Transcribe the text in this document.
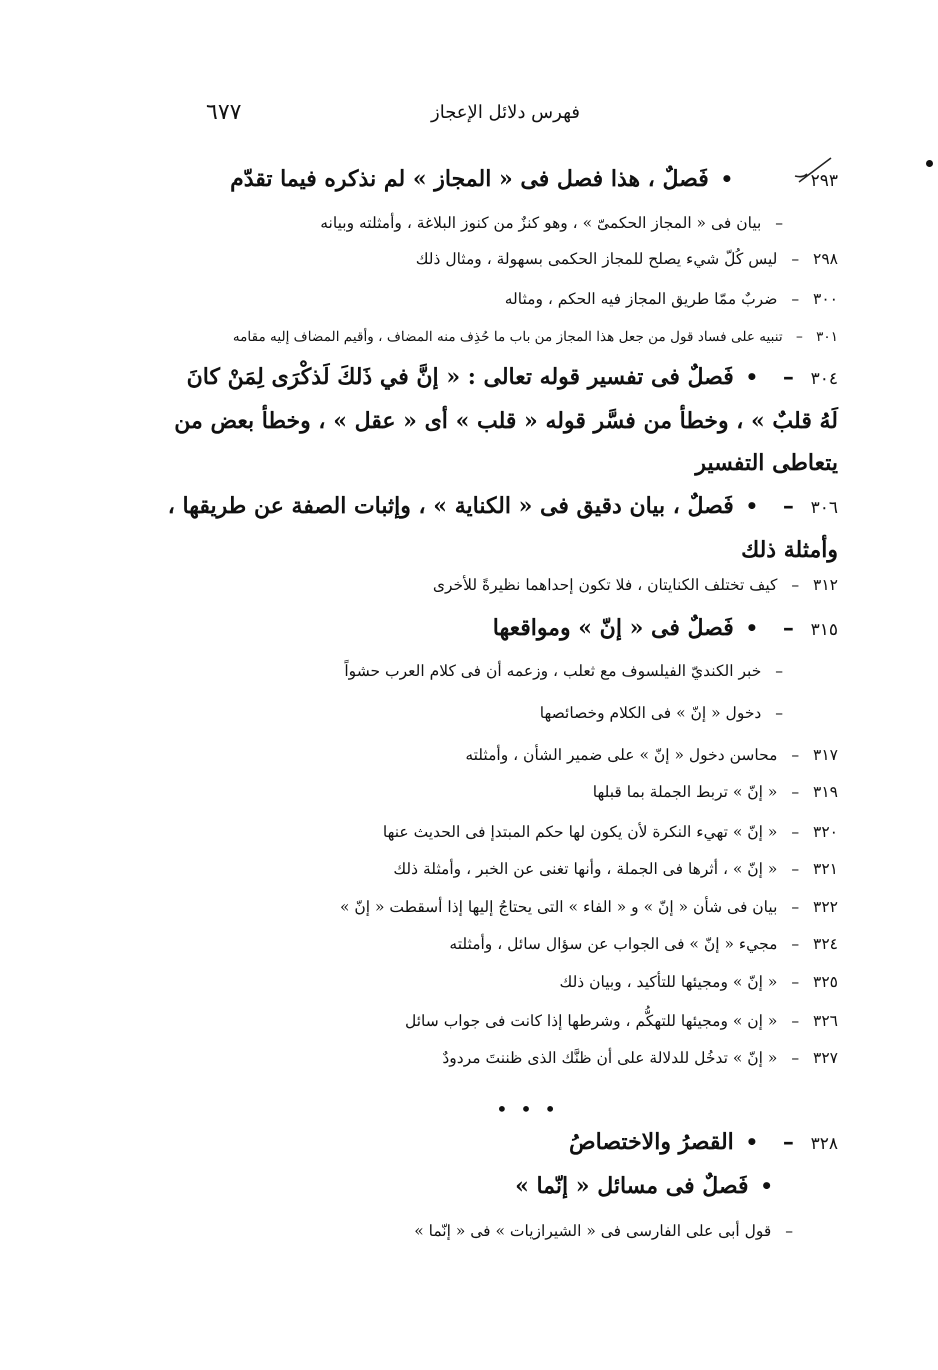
فهرس دلائل الإعجاز
٦٧٧
٢٩٣  • فَصلٌ ، هذا فصل فى « المجاز » لم نذكره فيما تقدّم
– بيان فى « المجاز الحكمىّ » ، وهو كنزٌ من كنوز البلاغة ، وأمثلته وبيانه
٢٩٨ – ليس كُلّ شيء يصلح للمجاز الحكمى بسهولة ، ومثال ذلك
٣٠٠ – ضربٌ ممّا طريق المجاز فيه الحكم ، ومثاله
٣٠١ – تنبيه على فساد قول من جعل هذا المجاز من باب ما حُذِف منه المضاف ، وأقيم المضاف إليه مقامه
٣٠٤ – • فَصلٌ فى تفسير قوله تعالى : « إنَّ في ذَلكَ لَذكْرَى لِمَنْ كانَ لَهُ قلبٌ » ، وخطأ من فسَّر قوله « قلب » أى « عقل » ، وخطأ بعض من يتعاطى التفسير
٣٠٦ – • فَصلٌ ، بيان دقيق فى « الكناية » ، وإثبات الصفة عن طريقها ، وأمثلة ذلك
٣١٢ – كيف تختلف الكنايتان ، فلا تكون إحداهما نظيرةً للأخرى
٣١٥ – • فَصلٌ فى « إنّ » ومواقعها
– خبر الكنديّ الفيلسوف مع ثعلب ، وزعمه أن فى كلام العرب حشواً
– دخول « إنّ » فى الكلام وخصائصها
٣١٧ – محاسن دخول « إنّ » على ضمير الشأن ، وأمثلته
٣١٩ – « إنّ » تربط الجملة بما قبلها
٣٢٠ – « إنّ » تهيء النكرة لأن يكون لها حكم المبتدإ فى الحديث عنها
٣٢١ – « إنّ » ، أثرها فى الجملة ، وأنها تغنى عن الخبر ، وأمثلة ذلك
٣٢٢ – بيان فى شأن « إنّ » و « الفاء » التى يحتاجُ إليها إذا أسقطت « إنّ »
٣٢٤ – مجيء « إنّ » فى الجواب عن سؤال سائل ، وأمثلته
٣٢٥ – « إنّ » ومجيئها للتأكيد ، وبيان ذلك
٣٢٦ – « إن » ومجيئها للتهكُّم ، وشرطها إذا كانت فى جواب سائل
٣٢٧ – « إنّ » تدخُل للدلالة على أن ظنَّك الذى ظننتَ مردودٌ
• • •
٣٢٨ – • القصرُ والاختصاصُ
• فَصلٌ فى مسائل « إنّما »
– قول أبى على الفارسى فى « الشيرازيات » فى « إنّما »
